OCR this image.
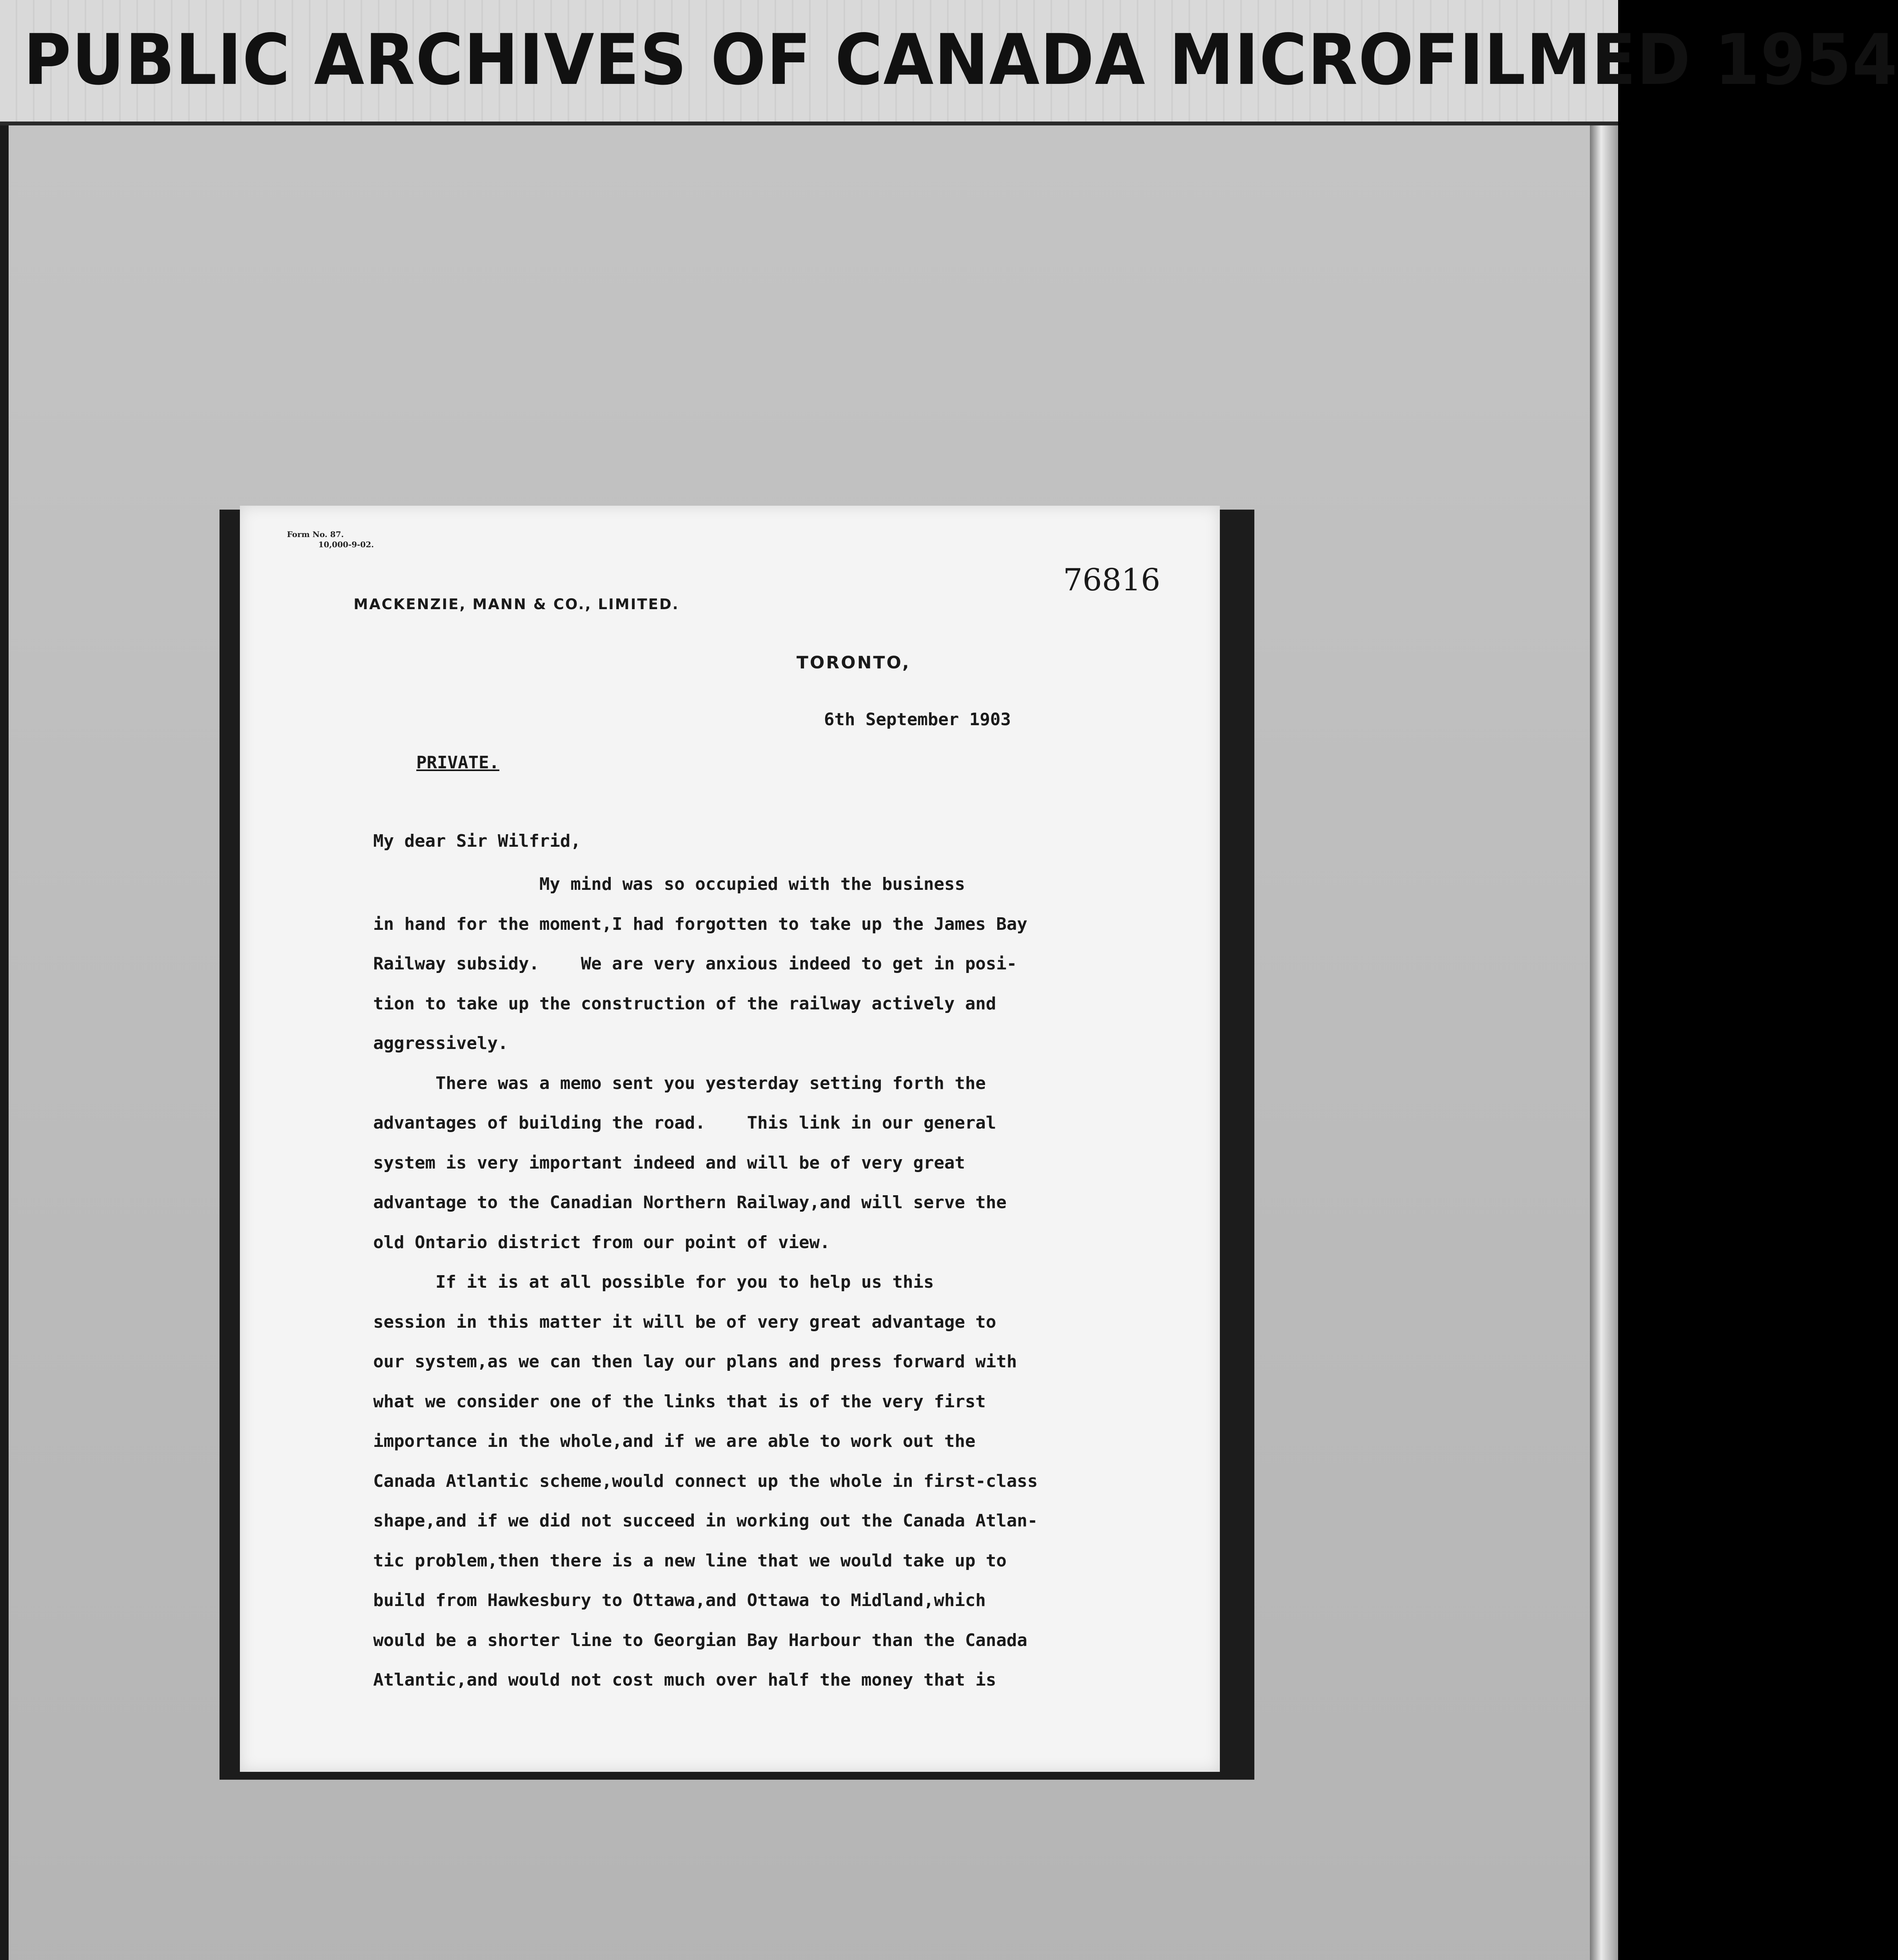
PUBLIC ARCHIVES OF CANADA MICROFILMED 1954
Form No. 87.
10,000-9-02.
76816
MACKENZIE, MANN & CO., LIMITED.
TORONTO,
6th September 1903
PRIVATE.
My dear Sir Wilfrid,
My mind was so occupied with the business
in hand for the moment,I had forgotten to take up the James Bay
Railway subsidy.    We are very anxious indeed to get in posi-
tion to take up the construction of the railway actively and
aggressively.
There was a memo sent you yesterday setting forth the
advantages of building the road.    This link in our general
system is very important indeed and will be of very great
advantage to the Canadian Northern Railway,and will serve the
old Ontario district from our point of view.
If it is at all possible for you to help us this
session in this matter it will be of very great advantage to
our system,as we can then lay our plans and press forward with
what we consider one of the links that is of the very first
importance in the whole,and if we are able to work out the
Canada Atlantic scheme,would connect up the whole in first-class
shape,and if we did not succeed in working out the Canada Atlan-
tic problem,then there is a new line that we would take up to
build from Hawkesbury to Ottawa,and Ottawa to Midland,which
would be a shorter line to Georgian Bay Harbour than the Canada
Atlantic,and would not cost much over half the money that is
